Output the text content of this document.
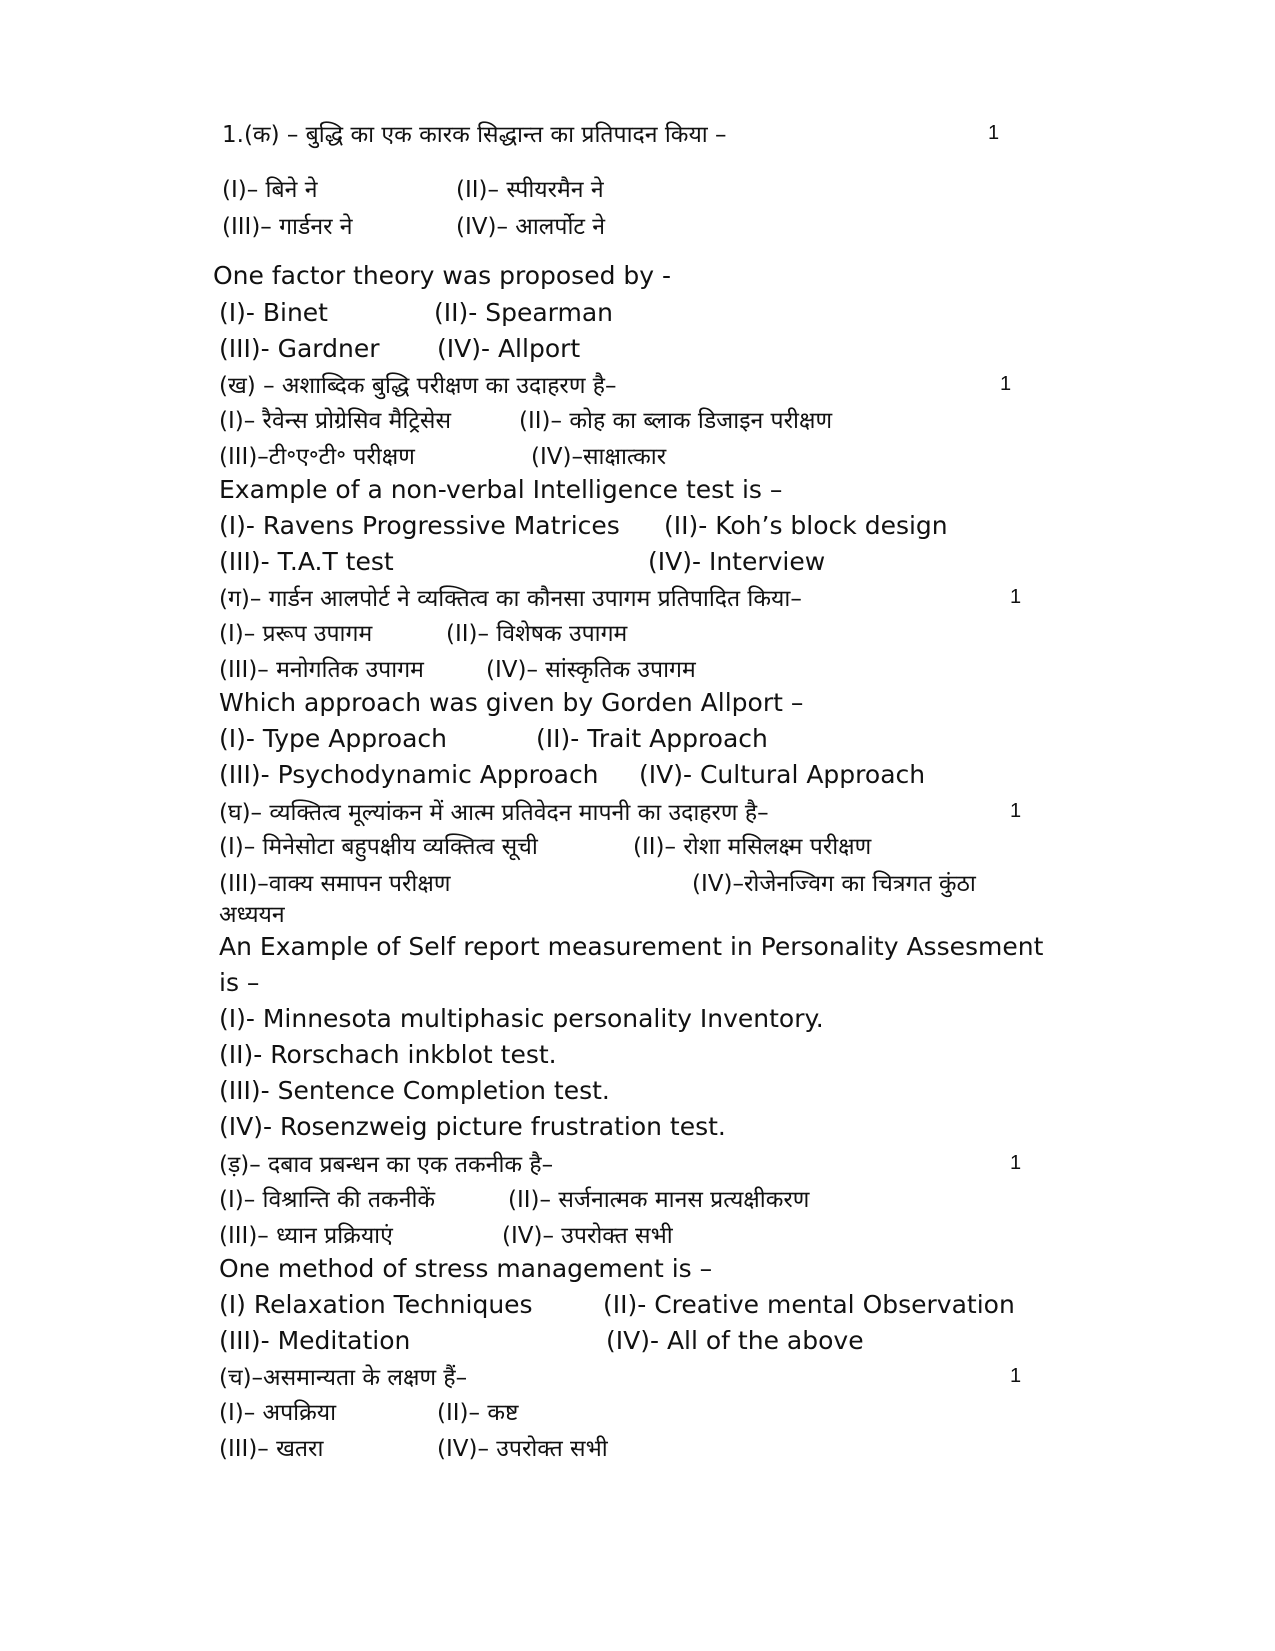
1.(क) – बुद्धि का एक कारक सिद्धान्त का प्रतिपादन किया –	1
(I)– बिने ने	(II)– स्पीयरमैन ने
(III)– गार्डनर ने	(IV)– आलर्पोट ने
One factor theory was proposed by -
(I)- Binet	(II)- Spearman
(III)- Gardner (IV)- Allport
(ख) – अशाब्दिक बुद्धि परीक्षण का उदाहरण है–	1
(I)– रैवेन्स प्रोग्रेसिव मैट्रिसेस	(II)– कोह का ब्लाक डिजाइन परीक्षण
(III)–टी॰ए॰टी॰ परीक्षण	(IV)–साक्षात्कार
Example of a non-verbal Intelligence test is –
(I)- Ravens Progressive Matrices (II)- Koh’s block design
(III)- T.A.T test	(IV)- Interview
(ग)– गार्डन आलपोर्ट ने व्यक्तित्व का कौनसा उपागम प्रतिपादित किया–	1
(I)– प्ररूप उपागम	(II)– विशेषक उपागम
(III)– मनोगतिक उपागम	(IV)– सांस्कृतिक उपागम
Which approach was given by Gorden Allport –
(I)- Type Approach	(II)- Trait Approach
(III)- Psychodynamic Approach (IV)- Cultural Approach
(घ)– व्यक्तित्व मूल्यांकन में आत्म प्रतिवेदन मापनी का उदाहरण है–	1
(I)– मिनेसोटा बहुपक्षीय व्यक्तित्व सूची	(II)– रोशा मसिलक्ष्म परीक्षण
(III)–वाक्य समापन परीक्षण	(IV)–रोजेनज्विग का चित्रगत कुंठा
अध्ययन
An Example of Self report measurement in Personality Assesment
is –
(I)- Minnesota multiphasic personality Inventory.
(II)- Rorschach inkblot test.
(III)- Sentence Completion test.
(IV)- Rosenzweig picture frustration test.
(ड़)– दबाव प्रबन्धन का एक तकनीक है–	1
(I)– विश्रान्ति की तकनीकें	(II)– सर्जनात्मक मानस प्रत्यक्षीकरण
(III)– ध्यान प्रक्रियाएं	(IV)– उपरोक्त सभी
One method of stress management is –
(I) Relaxation Techniques	(II)- Creative mental Observation
(III)- Meditation	(IV)- All of the above
(च)–असमान्यता के लक्षण हैं–	1
(I)– अपक्रिया	(II)– कष्ट
(III)– खतरा	(IV)– उपरोक्त सभी
